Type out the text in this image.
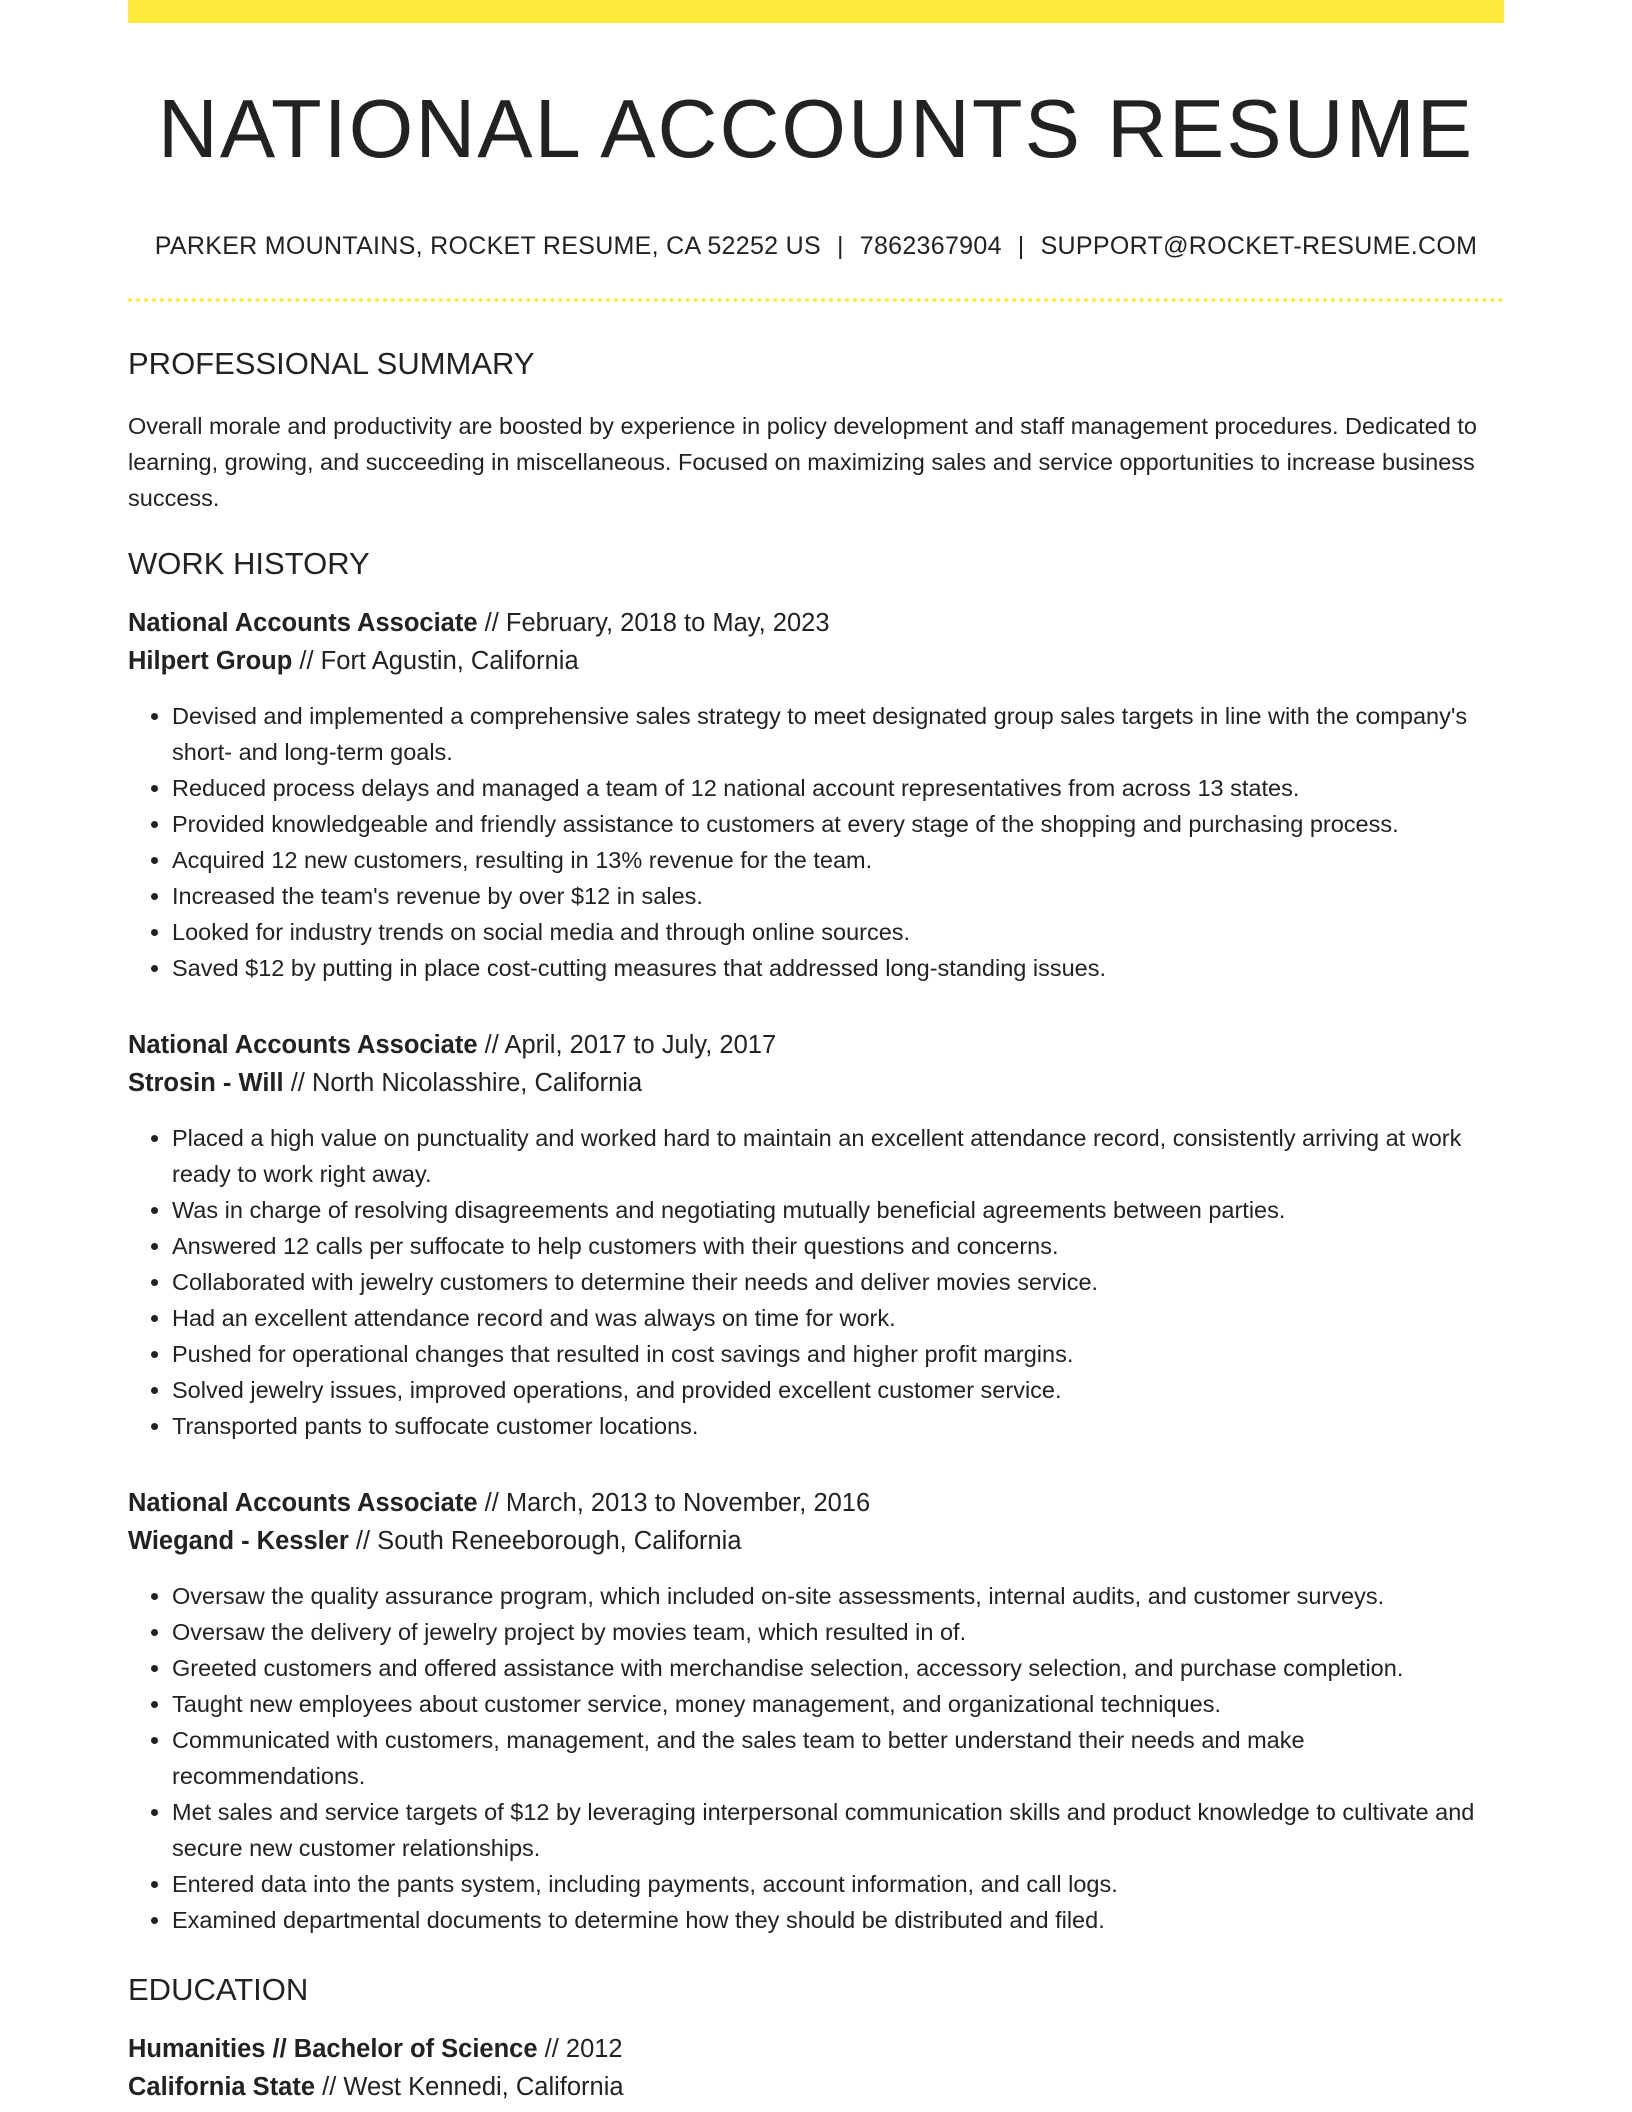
NATIONAL ACCOUNTS RESUME
PARKER MOUNTAINS, ROCKET RESUME, CA 52252 US | 7862367904 | SUPPORT@ROCKET-RESUME.COM
PROFESSIONAL SUMMARY

Overall morale and productivity are boosted by experience in policy development and staff management procedures. Dedicated to learning, growing, and succeeding in miscellaneous. Focused on maximizing sales and service opportunities to increase business success.

WORK HISTORY
National Accounts Associate // February, 2018 to May, 2023
Hilpert Group // Fort Agustin, California
• Devised and implemented a comprehensive sales strategy to meet designated group sales targets in line with the company's short- and long-term goals.
• Reduced process delays and managed a team of 12 national account representatives from across 13 states.
• Provided knowledgeable and friendly assistance to customers at every stage of the shopping and purchasing process.
• Acquired 12 new customers, resulting in 13% revenue for the team.
• Increased the team's revenue by over $12 in sales.
• Looked for industry trends on social media and through online sources.
• Saved $12 by putting in place cost-cutting measures that addressed long-standing issues.
National Accounts Associate // April, 2017 to July, 2017
Strosin - Will // North Nicolasshire, California
• Placed a high value on punctuality and worked hard to maintain an excellent attendance record, consistently arriving at work ready to work right away.
• Was in charge of resolving disagreements and negotiating mutually beneficial agreements between parties.
• Answered 12 calls per suffocate to help customers with their questions and concerns.
• Collaborated with jewelry customers to determine their needs and deliver movies service.
• Had an excellent attendance record and was always on time for work.
• Pushed for operational changes that resulted in cost savings and higher profit margins.
• Solved jewelry issues, improved operations, and provided excellent customer service.
• Transported pants to suffocate customer locations.
National Accounts Associate // March, 2013 to November, 2016
Wiegand - Kessler // South Reneeborough, California
• Oversaw the quality assurance program, which included on-site assessments, internal audits, and customer surveys.
• Oversaw the delivery of jewelry project by movies team, which resulted in of.
• Greeted customers and offered assistance with merchandise selection, accessory selection, and purchase completion.
• Taught new employees about customer service, money management, and organizational techniques.
• Communicated with customers, management, and the sales team to better understand their needs and make recommendations.
• Met sales and service targets of $12 by leveraging interpersonal communication skills and product knowledge to cultivate and secure new customer relationships.
• Entered data into the pants system, including payments, account information, and call logs.
• Examined departmental documents to determine how they should be distributed and filed.
EDUCATION
Humanities // Bachelor of Science // 2012
California State // West Kennedi, California
